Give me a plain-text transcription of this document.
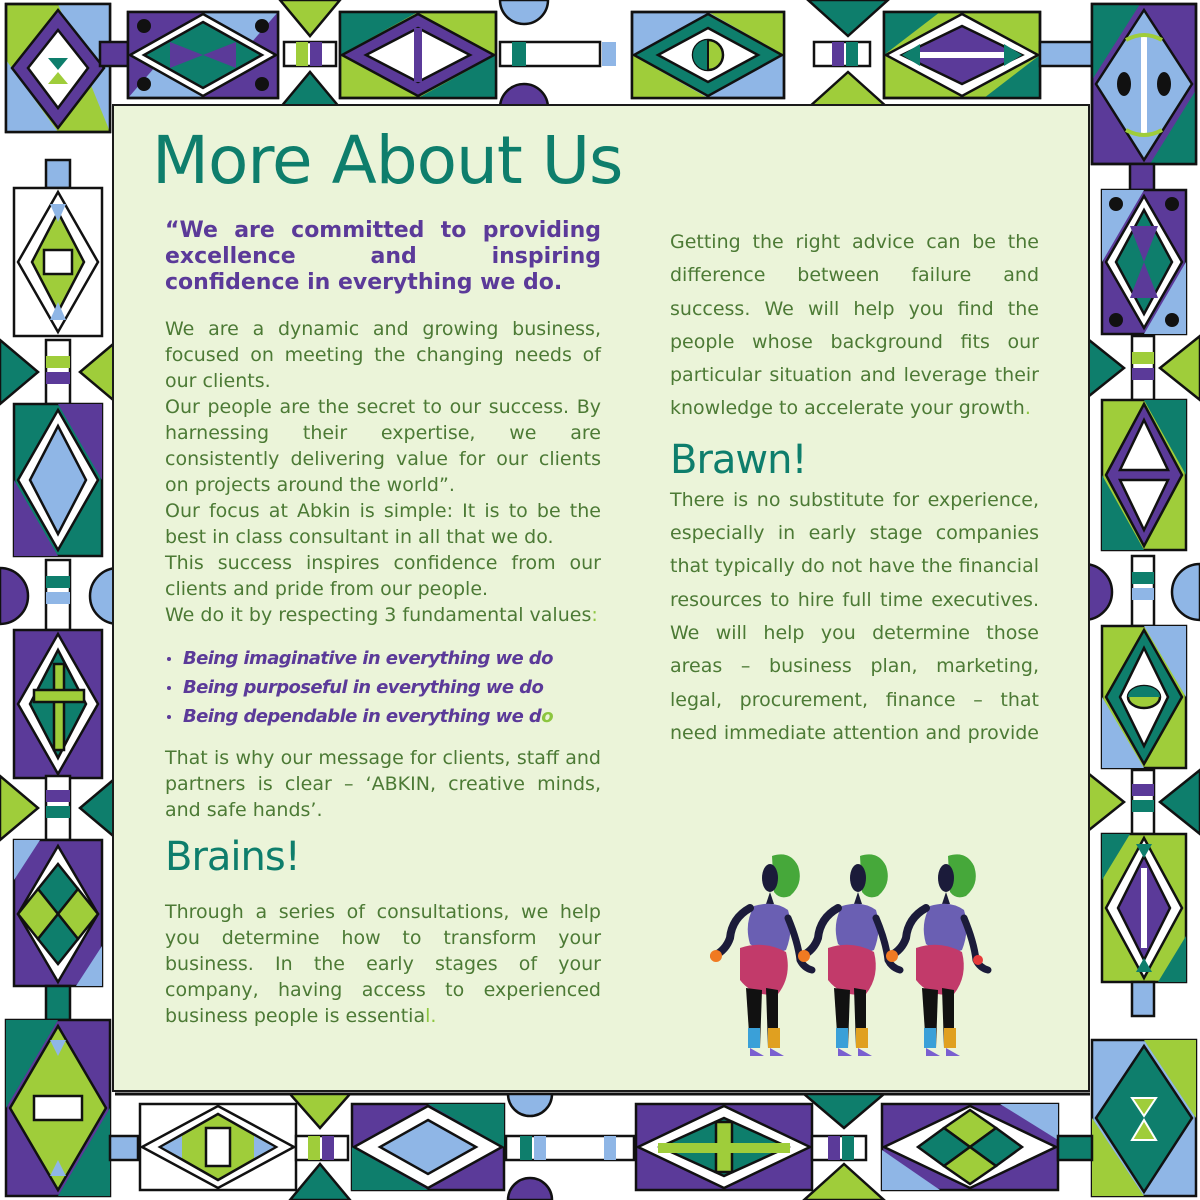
More About Us

“We are committed to providing excellence and inspiring confidence in everything we do.

We are a dynamic and growing business, focused on meeting the changing needs of our clients.
Our people are the secret to our success. By harnessing their expertise, we are consistently delivering value for our clients on projects around the world”.
Our focus at Abkin is simple: It is to be the best in class consultant in all that we do.
This success inspires confidence from our clients and pride from our people.
We do it by respecting 3 fundamental values:

Being imaginative in everything we do
Being purposeful in everything we do
Being dependable in everything we d o

That is why our message for clients, staff and partners is clear – ‘ABKIN, creative minds, and safe hands’.

Brains!

Through a series of consultations, we help you determine how to transform your business. In the early stages of your company, having access to experienced business people is essential.

Getting the right advice can be the difference between failure and success. We will help you find the people whose background fits our particular situation and leverage their knowledge to accelerate your growth.

Brawn!

There is no substitute for experience, especially in early stage companies that typically do not have the financial resources to hire full time executives. We will help you determine those areas – business plan, marketing, legal, procurement, finance – that need immediate attention and provide
